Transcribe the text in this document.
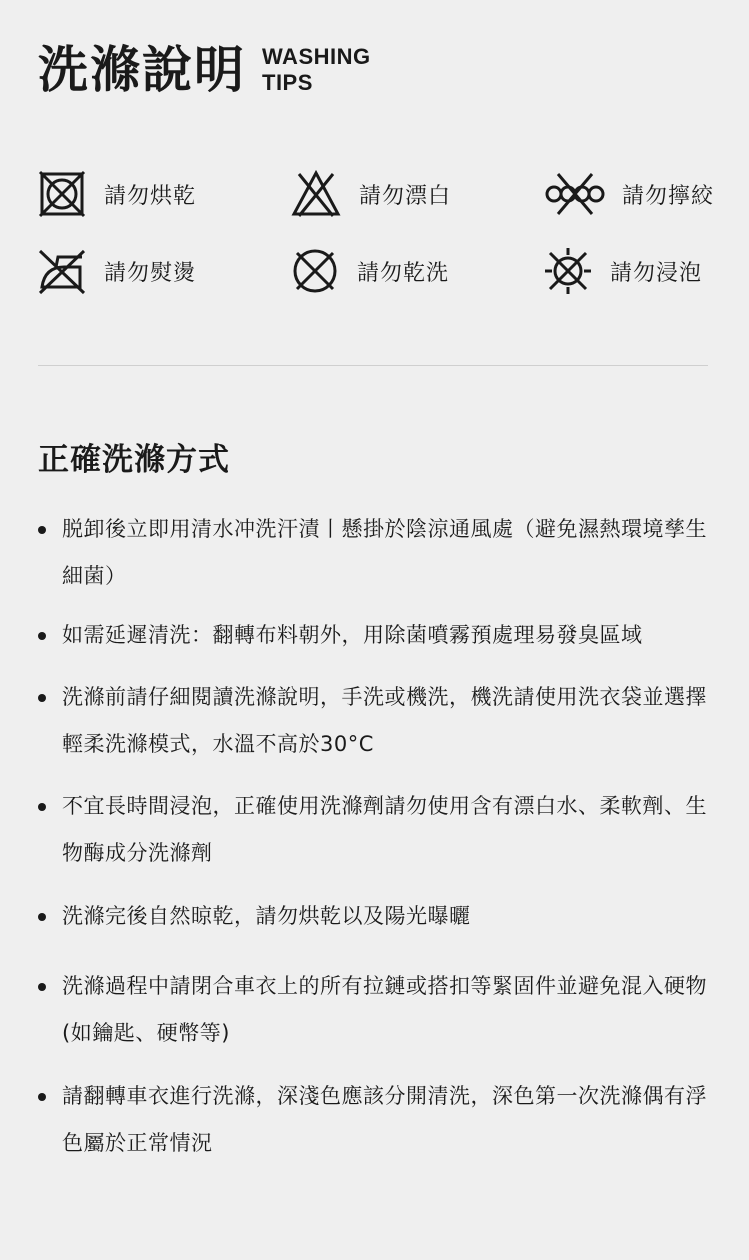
洗滌說明 WASHING
TIPS
請勿烘乾	請勿漂白	請勿擰絞
請勿熨燙	請勿乾洗	請勿浸泡
正確洗滌方式
脱卸後立即用清水冲洗汗漬丨懸掛於陰涼通風處（避免濕熱環境孳生細菌）
如需延遲清洗：翻轉布料朝外，用除菌噴霧預處理易發臭區域
洗滌前請仔細閱讀洗滌說明，手洗或機洗，機洗請使用洗衣袋並選擇輕柔洗滌模式，水溫不高於30°C
不宜長時間浸泡，正確使用洗滌劑請勿使用含有漂白水、柔軟劑、生物酶成分洗滌劑
洗滌完後自然晾乾，請勿烘乾以及陽光曝曬
洗滌過程中請閉合車衣上的所有拉鏈或搭扣等緊固件並避免混入硬物(如鑰匙、硬幣等)
請翻轉車衣進行洗滌，深淺色應該分開清洗，深色第一次洗滌偶有浮色屬於正常情況
